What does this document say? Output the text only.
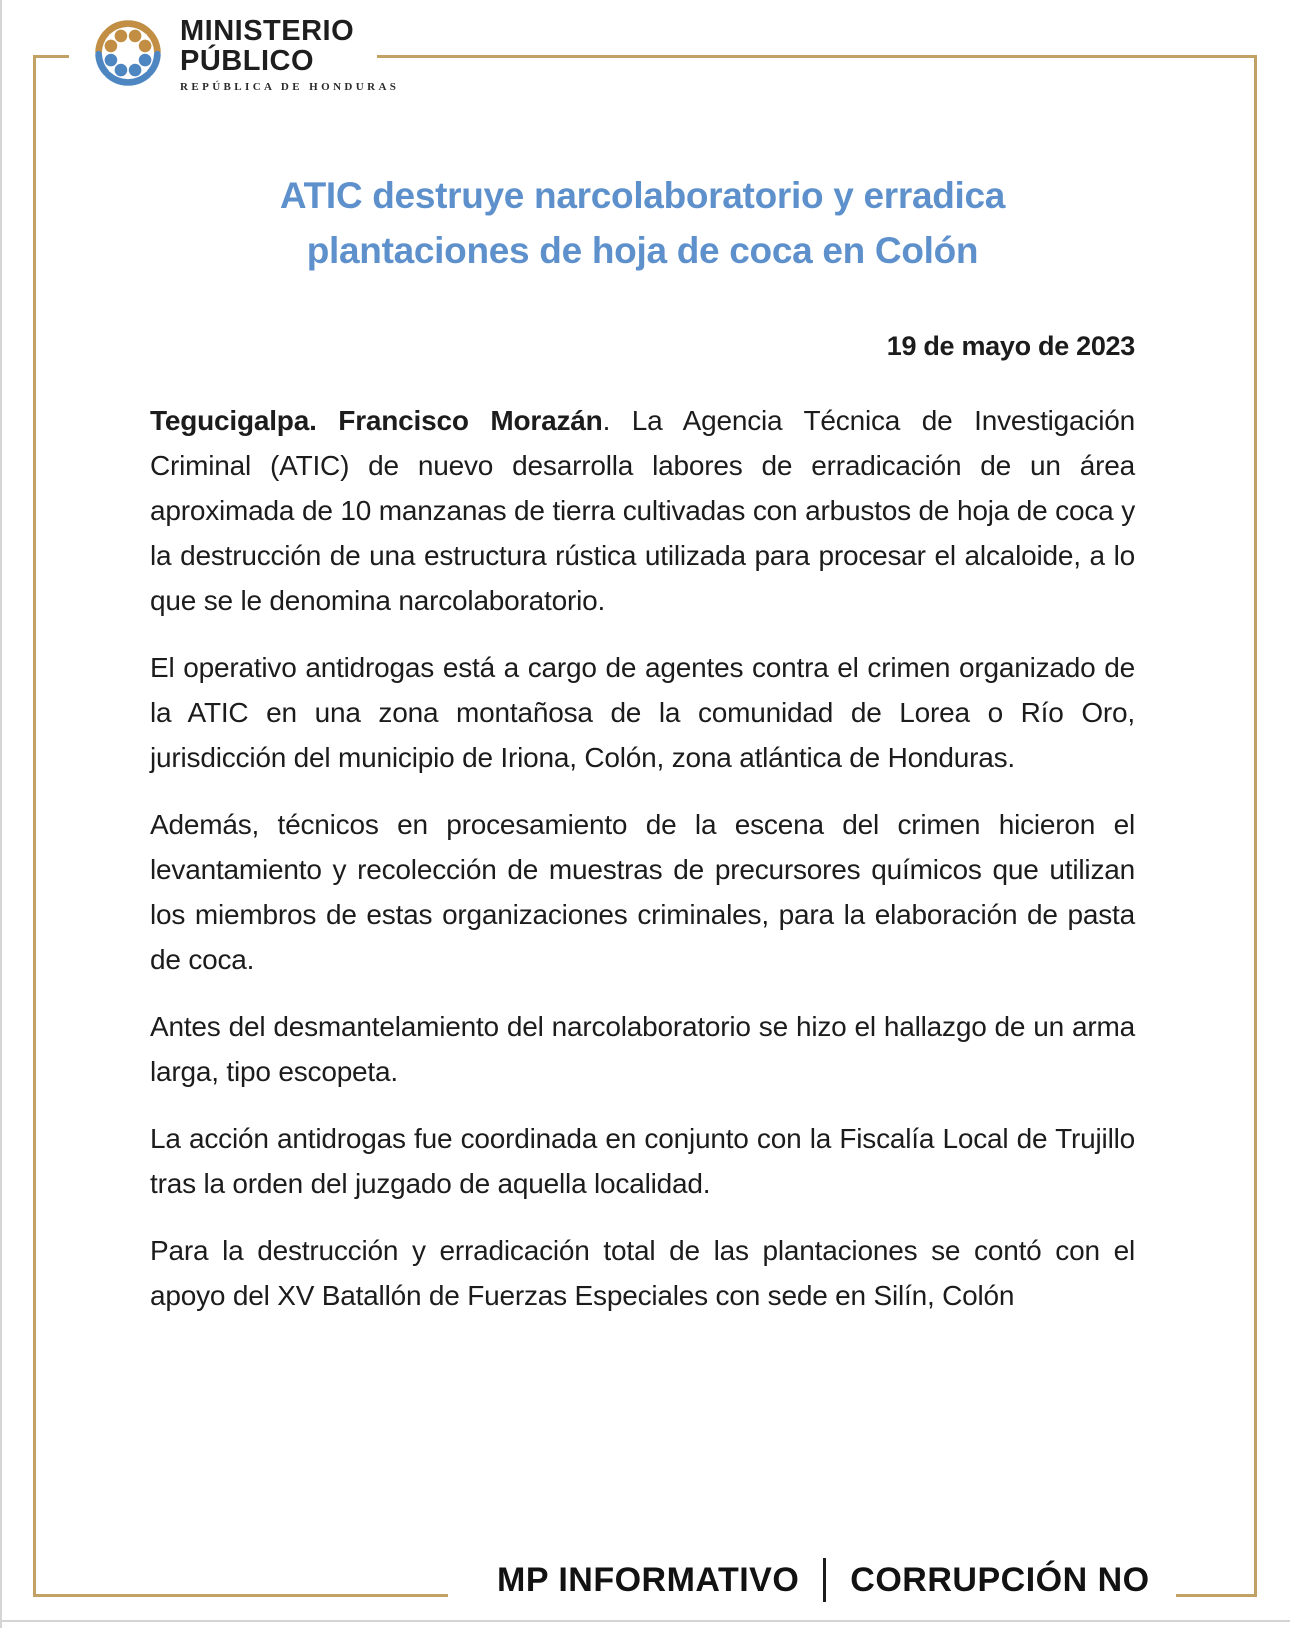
MINISTERIO
PÚBLICO
REPÚBLICA DE HONDURAS
ATIC destruye narcolaboratorio y erradica
plantaciones de hoja de coca en Colón
19 de mayo de 2023

Tegucigalpa. Francisco Morazán. La Agencia Técnica de Investigación Criminal (ATIC) de nuevo desarrolla labores de erradicación de un área aproximada de 10 manzanas de tierra cultivadas con arbustos de hoja de coca y la destrucción de una estructura rústica utilizada para procesar el alcaloide, a lo que se le denomina narcolaboratorio.

El operativo antidrogas está a cargo de agentes contra el crimen organizado de la ATIC en una zona montañosa de la comunidad de Lorea o Río Oro, jurisdicción del municipio de Iriona, Colón, zona atlántica de Honduras.

Además, técnicos en procesamiento de la escena del crimen hicieron el levantamiento y recolección de muestras de precursores químicos que utilizan los miembros de estas organizaciones criminales, para la elaboración de pasta de coca.

Antes del desmantelamiento del narcolaboratorio se hizo el hallazgo de un arma larga, tipo escopeta.

La acción antidrogas fue coordinada en conjunto con la Fiscalía Local de Trujillo tras la orden del juzgado de aquella localidad.

Para la destrucción y erradicación total de las plantaciones se contó con el apoyo del XV Batallón de Fuerzas Especiales con sede en Silín, Colón

MP INFORMATIVO CORRUPCIÓN NO
